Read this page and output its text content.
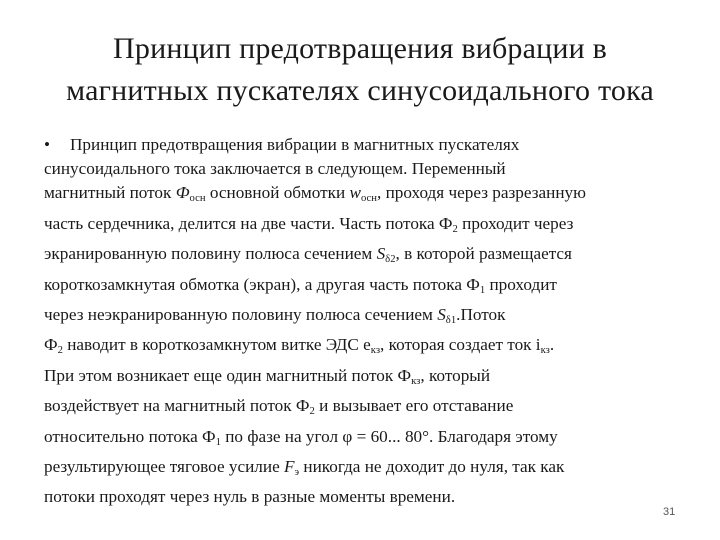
Принцип предотвращения вибрации в
магнитных пускателях синусоидального тока
• Принцип предотвращения вибрации в магнитных пускателях
синусоидального тока заключается в следующем. Переменный
магнитный поток $Ф_{осн}$ основной обмотки $w_{осн}$, проходя через разрезанную
часть сердечника, делится на две части. Часть потока $Ф_2$ проходит через
экранированную половину полюса сечением $S_{\delta 2}$, в которой размещается
короткозамкнутая обмотка (экран), а другая часть потока $Ф_1$ проходит
через неэкранированную половину полюса сечением $S_{\delta 1}.Поток$
$Ф_2$ наводит в короткозамкнутом витке ЭДС $е_{кз}$, которая создает ток $i_{кз}$.
При этом возникает еще один магнитный поток $Ф_{кз}$, который
воздействует на магнитный поток $Ф_2$ и вызывает его отставание
относительно потока $Ф_1$ по фазе на угол φ = 60... 80°. Благодаря этому
результирующее тяговое усилие $F_э$ никогда не доходит до нуля, так как
потоки проходят через нуль в разные моменты времени.
31
